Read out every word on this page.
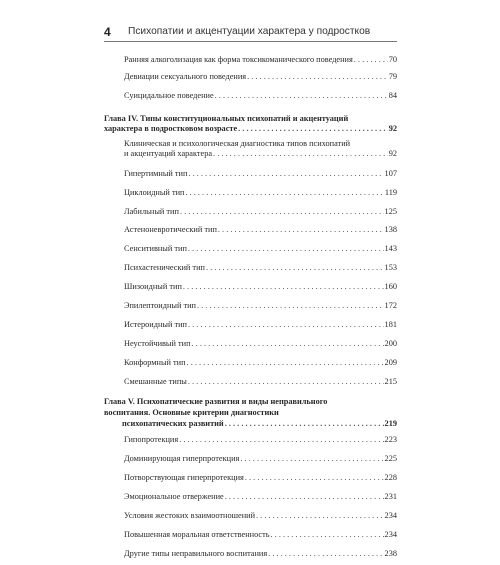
4 Психопатии и акцентуации характера у подростков
Ранняя алкоголизация как форма токсикоманического поведения . . .	70
Девиации сексуального поведения . . .	79
Суицидальное поведение . . .	84
Глава IV. Типы конституциональных психопатий и акцентуаций
характера в подростковом возрасте . . .	92
Клиническая и психологическая диагностика типов психопатий
и акцентуаций характера . . .	92
Гипертимный тип . . .	107
Циклоидный тип . . .	119
Лабильный тип . . .	125
Астеноневротический тип . . .	138
Сенситивный тип . . .	143
Психастенический тип . . .	153
Шизоидный тип . . .	160
Эпилептоидный тип . . .	172
Истероидный тип . . .	181
Неустойчивый тип . . .	200
Конформный тип . . .	209
Смешанные типы . . .	215
Глава V. Психопатические развития и виды неправильного
воспитания. Основные критерии диагностики
психопатических развитий . . .	219
Гипопротекция . . .	223
Доминирующая гиперпротекция . . .	225
Потворствующая гиперпротекция . . .	228
Эмоциональное отвержение . . .	231
Условия жестоких взаимоотношений . . .	234
Повышенная моральная ответственность . . .	234
Другие типы неправильного воспитания . . .	238
